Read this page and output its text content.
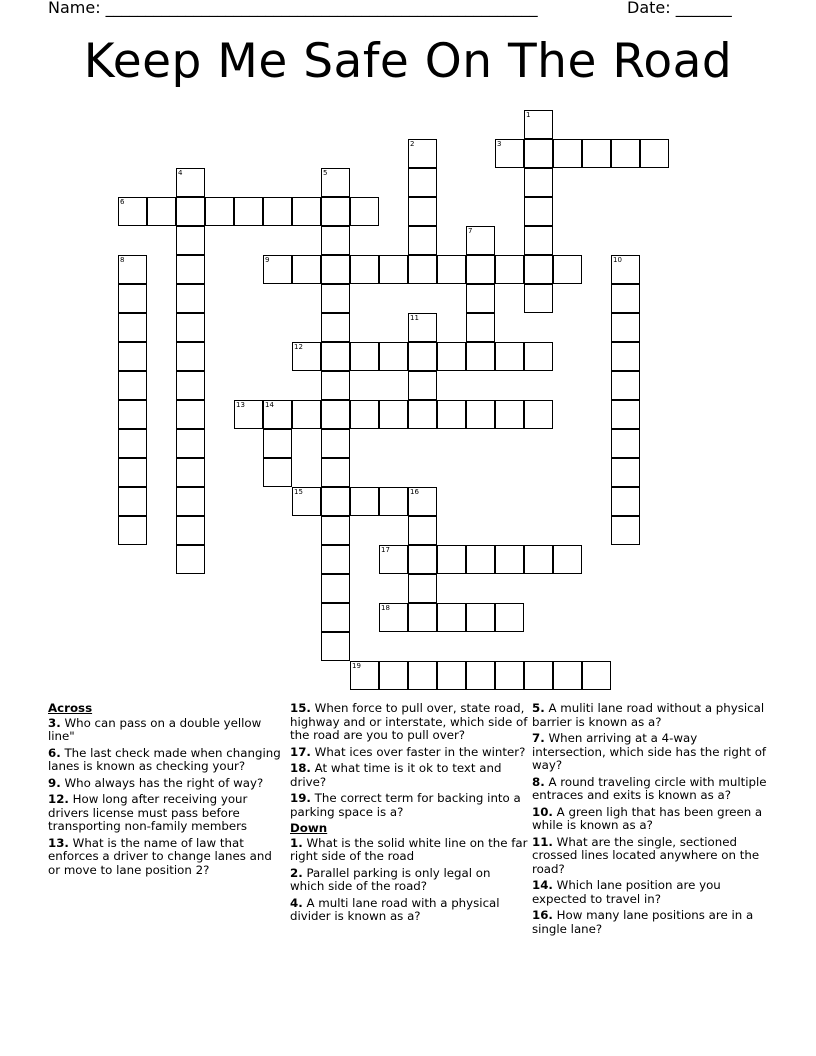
Name: ______________________________________________________	Date: _______
Keep Me Safe On The Road
1
2	3
4	5
6
7
8	9	10
11
12
13	14
15	16
17
18
19
Across
3. Who can pass on a double yellow line"
6. The last check made when changing lanes is known as checking your?
9. Who always has the right of way?
12. How long after receiving your drivers license must pass before transporting non-family members
13. What is the name of law that enforces a driver to change lanes and or move to lane position 2?
15. When force to pull over, state road, highway and or interstate, which side of the road are you to pull over?
17. What ices over faster in the winter?
18. At what time is it ok to text and drive?
19. The correct term for backing into a parking space is a?
Down
1. What is the solid white line on the far right side of the road
2. Parallel parking is only legal on which side of the road?
4. A multi lane road with a physical divider is known as a?
5. A muliti lane road without a physical barrier is known as a?
7. When arriving at a 4-way intersection, which side has the right of way?
8. A round traveling circle with multiple entraces and exits is known as a?
10. A green ligh that has been green a while is known as a?
11. What are the single, sectioned crossed lines located anywhere on the road?
14. Which lane position are you expected to travel in?
16. How many lane positions are in a single lane?
